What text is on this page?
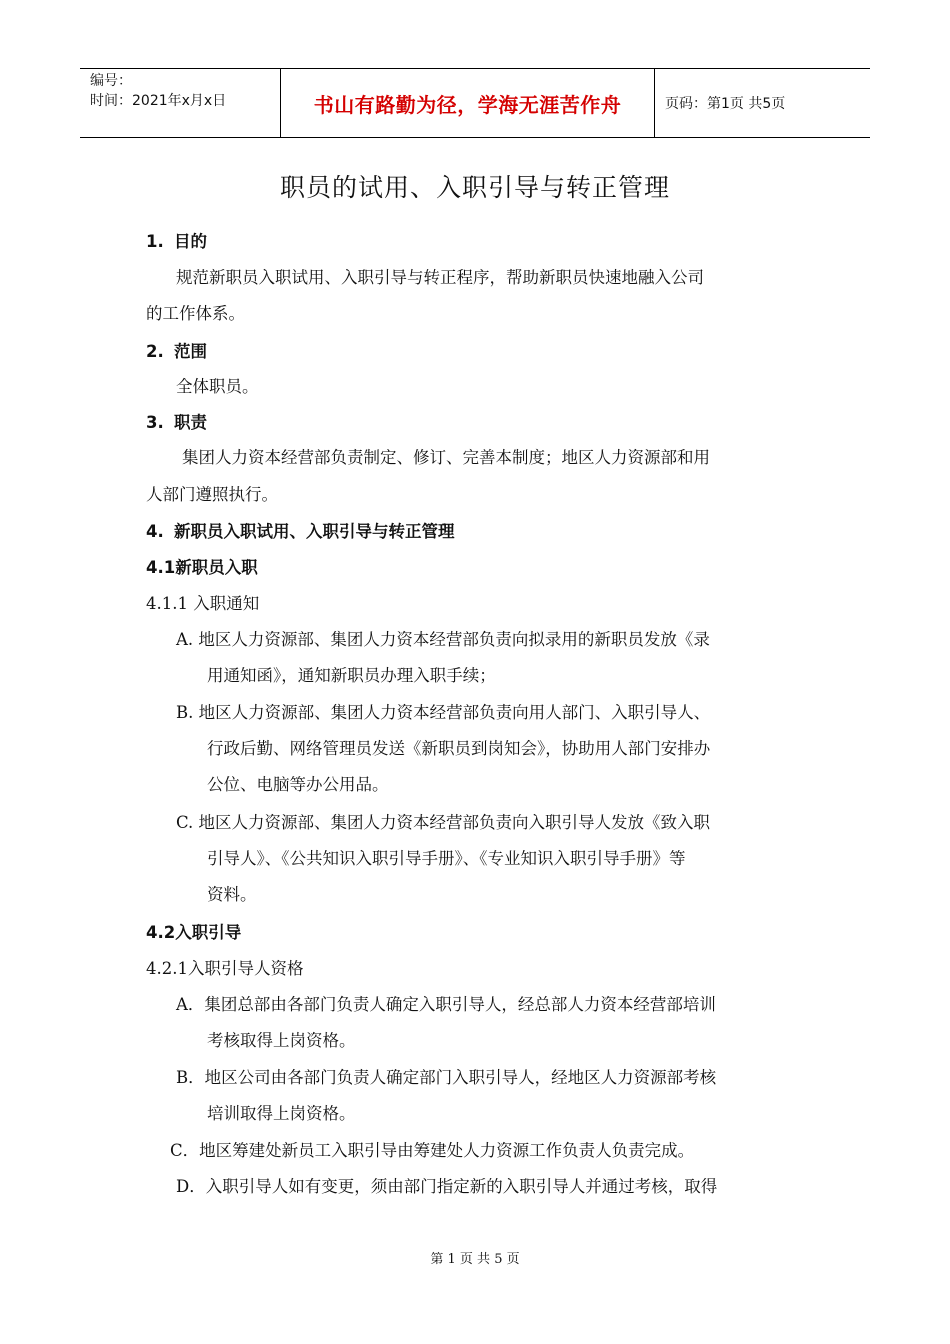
编号：
时间：2021年x月x日	书山有路勤为径，学海无涯苦作舟	页码：第1页 共5页
职员的试用、入职引导与转正管理
1. 目的
规范新职员入职试用、入职引导与转正程序，帮助新职员快速地融入公司
的工作体系。
2. 范围
全体职员。
3. 职责
集团人力资本经营部负责制定、修订、完善本制度；地区人力资源部和用
人部门遵照执行。
4. 新职员入职试用、入职引导与转正管理
4.1新职员入职
4.1.1 入职通知
A. 地区人力资源部、集团人力资本经营部负责向拟录用的新职员发放《录
用通知函》，通知新职员办理入职手续；
B. 地区人力资源部、集团人力资本经营部负责向用人部门、入职引导人、
行政后勤、网络管理员发送《新职员到岗知会》，协助用人部门安排办
公位、电脑等办公用品。
C. 地区人力资源部、集团人力资本经营部负责向入职引导人发放《致入职
引导人》、《公共知识入职引导手册》、《专业知识入职引导手册》等
资料。
4.2入职引导
4.2.1入职引导人资格
A．集团总部由各部门负责人确定入职引导人，经总部人力资本经营部培训
考核取得上岗资格。
B．地区公司由各部门负责人确定部门入职引导人，经地区人力资源部考核
培训取得上岗资格。
C．地区筹建处新员工入职引导由筹建处人力资源工作负责人负责完成。
D．入职引导人如有变更，须由部门指定新的入职引导人并通过考核，取得
第 1 页 共 5 页
